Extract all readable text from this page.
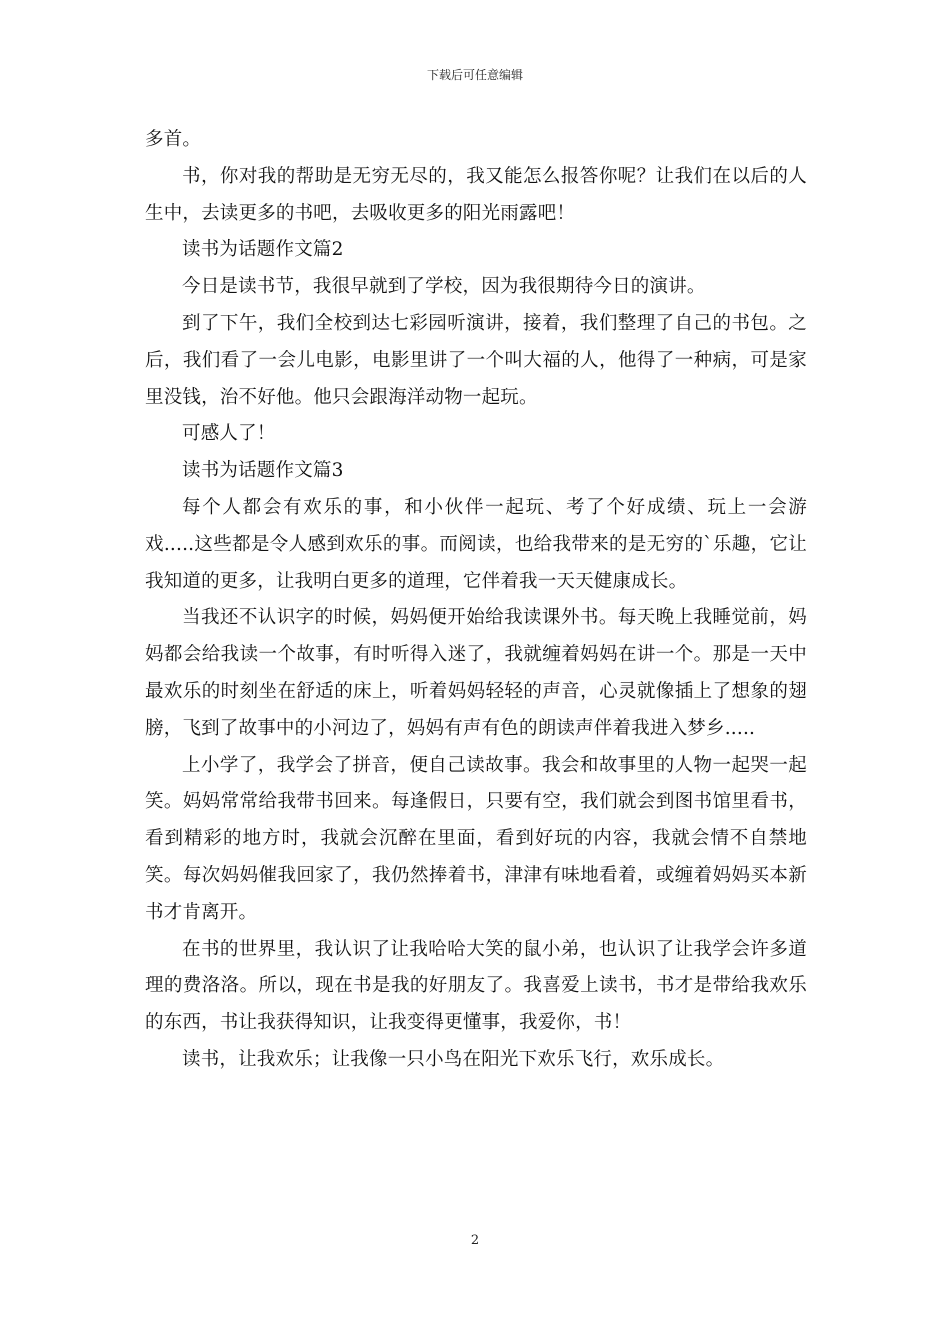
下载后可任意编辑

多首。

书，你对我的帮助是无穷无尽的，我又能怎么报答你呢？让我们在以后的人生中，去读更多的书吧，去吸收更多的阳光雨露吧！

读书为话题作文篇2

今日是读书节，我很早就到了学校，因为我很期待今日的演讲。

到了下午，我们全校到达七彩园听演讲，接着，我们整理了自己的书包。之后，我们看了一会儿电影，电影里讲了一个叫大福的人，他得了一种病，可是家里没钱，治不好他。他只会跟海洋动物一起玩。

可感人了！

读书为话题作文篇3

每个人都会有欢乐的事，和小伙伴一起玩、考了个好成绩、玩上一会游戏.....这些都是令人感到欢乐的事。而阅读，也给我带来的是无穷的`乐趣，它让我知道的更多，让我明白更多的道理，它伴着我一天天健康成长。

当我还不认识字的时候，妈妈便开始给我读课外书。每天晚上我睡觉前，妈妈都会给我读一个故事，有时听得入迷了，我就缠着妈妈在讲一个。那是一天中最欢乐的时刻坐在舒适的床上，听着妈妈轻轻的声音，心灵就像插上了想象的翅膀，飞到了故事中的小河边了，妈妈有声有色的朗读声伴着我进入梦乡.....

上小学了，我学会了拼音，便自己读故事。我会和故事里的人物一起哭一起笑。妈妈常常给我带书回来。每逢假日，只要有空，我们就会到图书馆里看书，看到精彩的地方时，我就会沉醉在里面，看到好玩的内容，我就会情不自禁地笑。每次妈妈催我回家了，我仍然捧着书，津津有味地看着，或缠着妈妈买本新书才肯离开。

在书的世界里，我认识了让我哈哈大笑的鼠小弟，也认识了让我学会许多道理的费洛洛。所以，现在书是我的好朋友了。我喜爱上读书，书才是带给我欢乐的东西，书让我获得知识，让我变得更懂事，我爱你，书！

读书，让我欢乐；让我像一只小鸟在阳光下欢乐飞行，欢乐成长。

2
